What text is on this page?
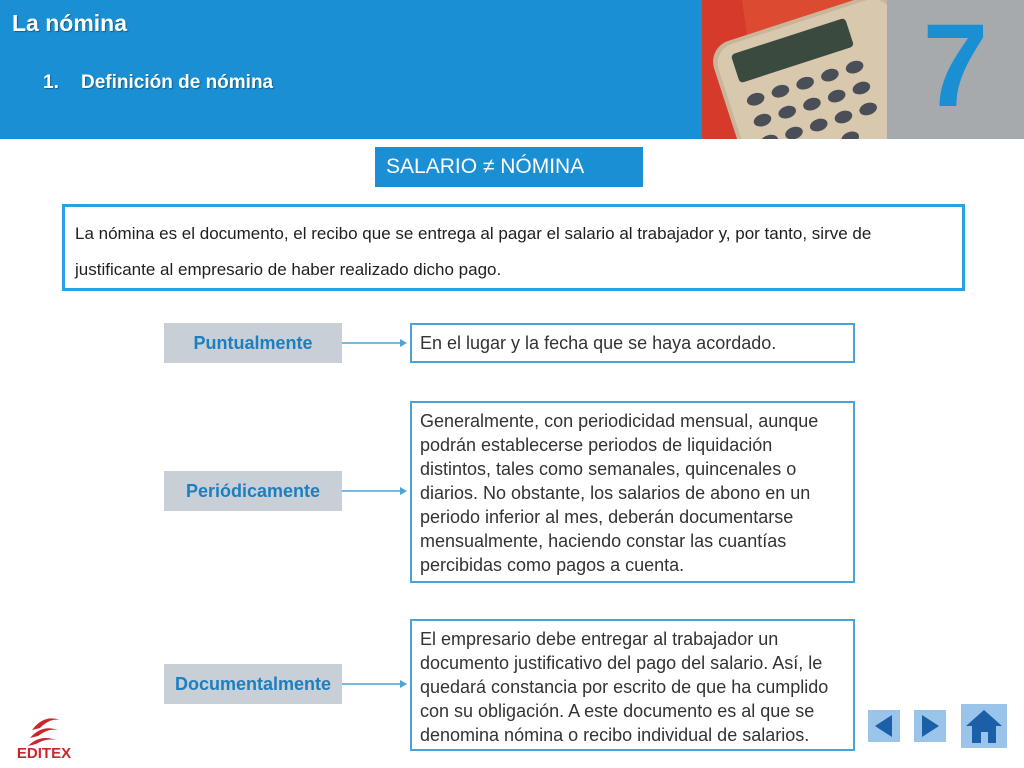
7
La nómina
1. Definición de nómina
SALARIO ≠ NÓMINA
La nómina es el documento, el recibo que se entrega al pagar el salario al trabajador y, por tanto, sirve de justificante al empresario de haber realizado dicho pago.
Puntualmente	En el lugar y la fecha que se haya acordado.
Periódicamente
Generalmente, con periodicidad mensual, aunque podrán establecerse periodos de liquidación distintos, tales como semanales, quincenales o diarios. No obstante, los salarios de abono en un periodo inferior al mes, deberán documentarse mensualmente, haciendo constar las cuantías percibidas como pagos a cuenta.
Documentalmente
El empresario debe entregar al trabajador un documento justificativo del pago del salario. Así, le quedará constancia por escrito de que ha cumplido con su obligación. A este documento es al que se denomina nómina o recibo individual de salarios.
EDITEX
